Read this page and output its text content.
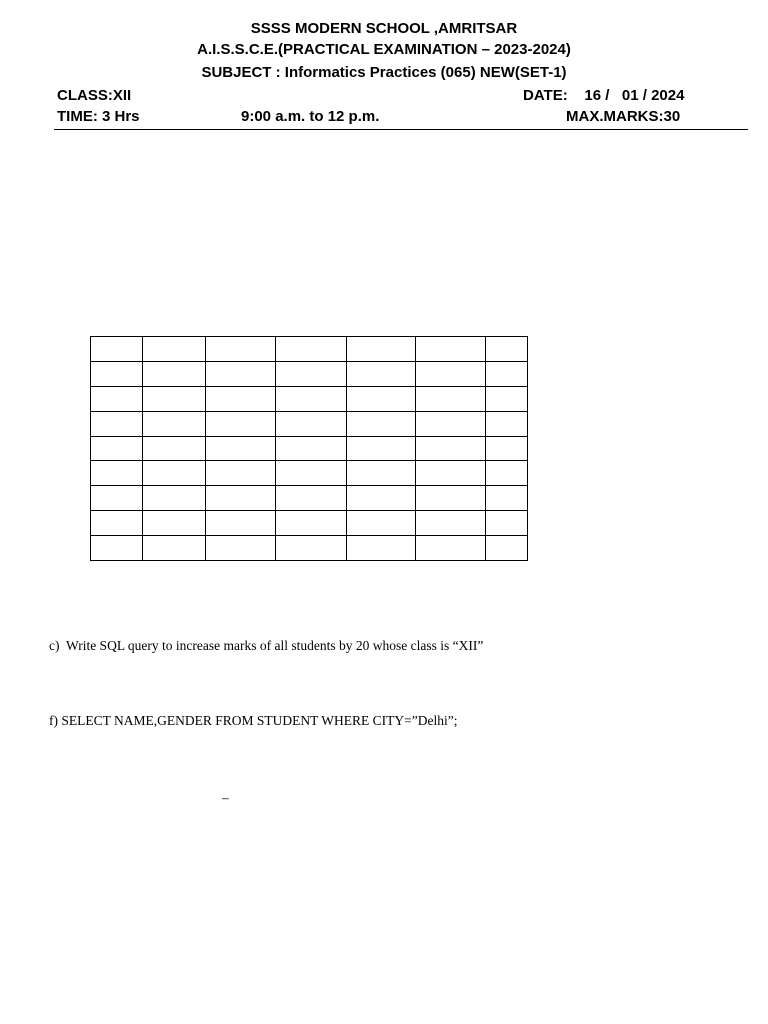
SSSS MODERN SCHOOL ,AMRITSAR
A.I.S.S.C.E.(PRACTICAL EXAMINATION – 2023-2024)
SUBJECT : Informatics Practices (065) NEW(SET-1)
CLASS:XII	DATE:    16 /   01 / 2024
TIME: 3 Hrs	9:00 a.m. to 12 p.m.	MAX.MARKS:30

c)  Write SQL query to increase marks of all students by 20 whose class is “XII”
f) SELECT NAME,GENDER FROM STUDENT WHERE CITY=”Delhi”;
–
